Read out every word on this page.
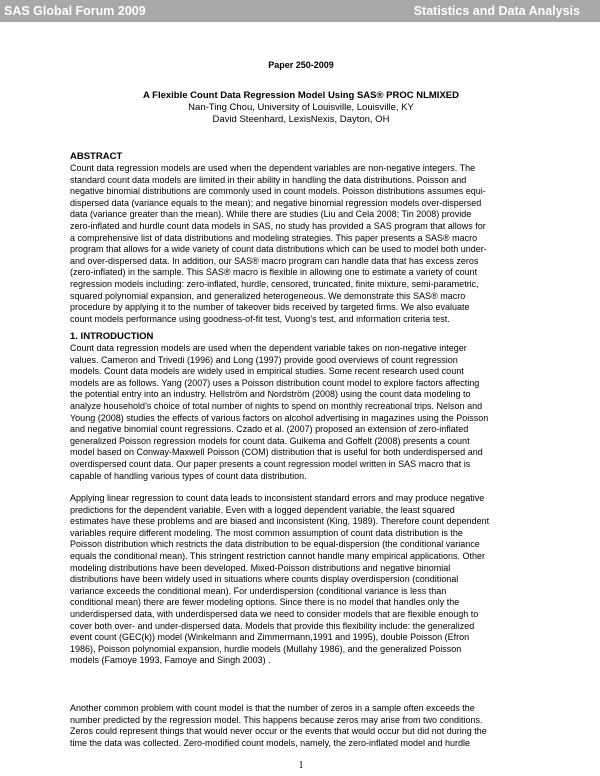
SAS Global Forum 2009	Statistics and Data Analysis
Paper 250-2009
A Flexible Count Data Regression Model Using SAS® PROC NLMIXED
Nan-Ting Chou, University of Louisville, Louisville, KY
David Steenhard, LexisNexis, Dayton, OH
ABSTRACT
Count data regression models are used when the dependent variables are non-negative integers. The
standard count data models are limited in their ability in handling the data distributions. Poisson and
negative binomial distributions are commonly used in count models. Poisson distributions assumes equi-
dispersed data (variance equals to the mean); and negative binomial regression models over-dispersed
data (variance greater than the mean). While there are studies (Liu and Cela 2008; Tin 2008) provide
zero-inflated and hurdle count data models in SAS, no study has provided a SAS program that allows for
a comprehensive list of data distributions and modeling strategies. This paper presents a SAS® macro
program that allows for a wide variety of count data distributions which can be used to model both under-
and over-dispersed data. In addition, our SAS® macro program can handle data that has excess zeros
(zero-inflated) in the sample. This SAS® macro is flexible in allowing one to estimate a variety of count
regression models including: zero-inflated, hurdle, censored, truncated, finite mixture, semi-parametric,
squared polynomial expansion, and generalized heterogeneous. We demonstrate this SAS® macro
procedure by applying it to the number of takeover bids received by targeted firms. We also evaluate
count models performance using goodness-of-fit test, Vuong’s test, and information criteria test.
1. INTRODUCTION
Count data regression models are used when the dependent variable takes on non-negative integer
values. Cameron and Trivedi (1996) and Long (1997) provide good overviews of count regression
models. Count data models are widely used in empirical studies. Some recent research used count
models are as follows. Yang (2007) uses a Poisson distribution count model to explore factors affecting
the potential entry into an industry. Hellström and Nordström (2008) using the count data modeling to
analyze household’s choice of total number of nights to spend on monthly recreational trips. Nelson and
Young (2008) studies the effects of various factors on alcohol advertising in magazines using the Poisson
and negative binomial count regressions. Czado et al. (2007) proposed an extension of zero-inflated
generalized Poisson regression models for count data. Guikema and Goffelt (2008) presents a count
model based on Conway-Maxwell Poisson (COM) distribution that is useful for both underdispersed and
overdispersed count data. Our paper presents a count regression model written in SAS macro that is
capable of handling various types of count data distribution.
Applying linear regression to count data leads to inconsistent standard errors and may produce negative
predictions for the dependent variable. Even with a logged dependent variable, the least squared
estimates have these problems and are biased and inconsistent (King, 1989). Therefore count dependent
variables require different modeling. The most common assumption of count data distribution is the
Poisson distribution which restricts the data distribution to be equal-dispersion (the conditional variance
equals the conditional mean). This stringent restriction cannot handle many empirical applications. Other
modeling distributions have been developed. Mixed-Poisson distributions and negative binomial
distributions have been widely used in situations where counts display overdispersion (conditional
variance exceeds the conditional mean). For underdispersion (conditional variance is less than
conditional mean) there are fewer modeling options. Since there is no model that handles only the
underdispersed data, with underdispersed data we need to consider models that are flexible enough to
cover both over- and under-dispersed data. Models that provide this flexibility include: the generalized
event count (GEC(k)) model (Winkelmann and Zimmermann,1991 and 1995), double Poisson (Efron
1986), Poisson polynomial expansion, hurdle models (Mullahy 1986), and the generalized Poisson
models (Famoye 1993, Famoye and Singh 2003) .
Another common problem with count model is that the number of zeros in a sample often exceeds the
number predicted by the regression model. This happens because zeros may arise from two conditions.
Zeros could represent things that would never occur or the events that would occur but did not during the
time the data was collected. Zero-modified count models, namely, the zero-inflated model and hurdle
1
